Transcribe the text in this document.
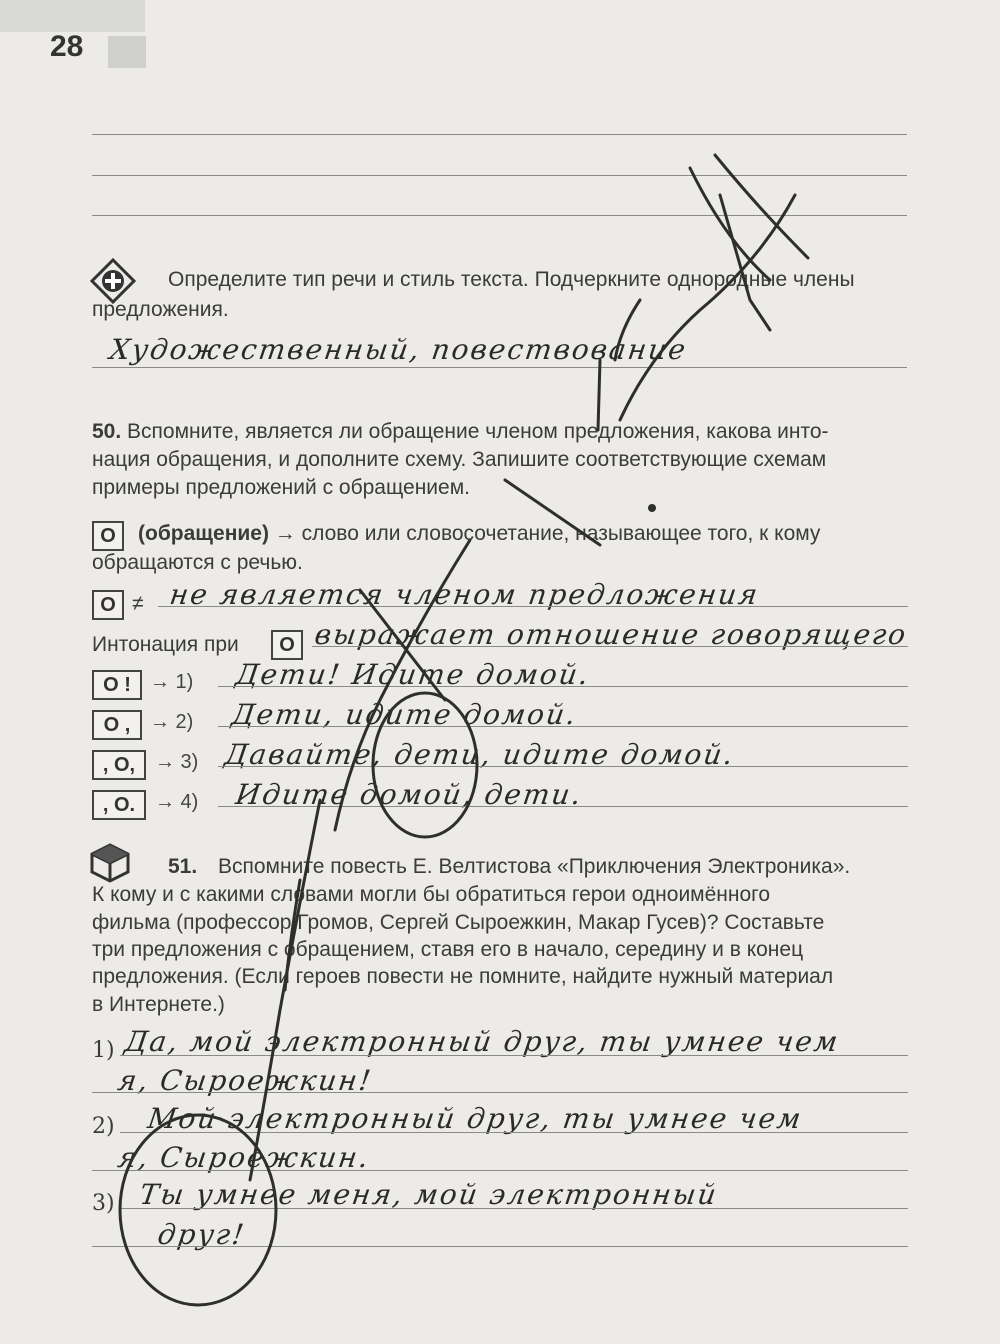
28
Определите тип речи и стиль текста. Подчеркните однородные члены
предложения.
Художественный, повествование
50. Вспомните, является ли обращение членом предложения, какова инто-
нация обращения, и дополните схему. Запишите соответствующие схемам
примеры предложений с обращением.
О	(обращение) → слово или словосочетание, называющее того, к кому
обращаются с речью.
О ≠ не является членом предложения
Интонация при	О выражает отношение говорящего
О ! → 1) Дети! Идите домой.
О , → 2) Дети, идите домой.
, О, → 3) Давайте, дети, идите домой.
, О. → 4) Идите домой, дети.
51. Вспомните повесть Е. Велтистова «Приключения Электроника».
К кому и с какими словами могли бы обратиться герои одноимённого
фильма (профессор Громов, Сергей Сыроежкин, Макар Гусев)? Составьте
три предложения с обращением, ставя его в начало, середину и в конец
предложения. (Если героев повести не помните, найдите нужный материал
в Интернете.)
1) Да, мой электронный друг, ты умнее чем
я, Сыроежкин!
2) Мой электронный друг, ты умнее чем
я, Сыроежкин.
3) Ты умнее меня, мой электронный
друг!
